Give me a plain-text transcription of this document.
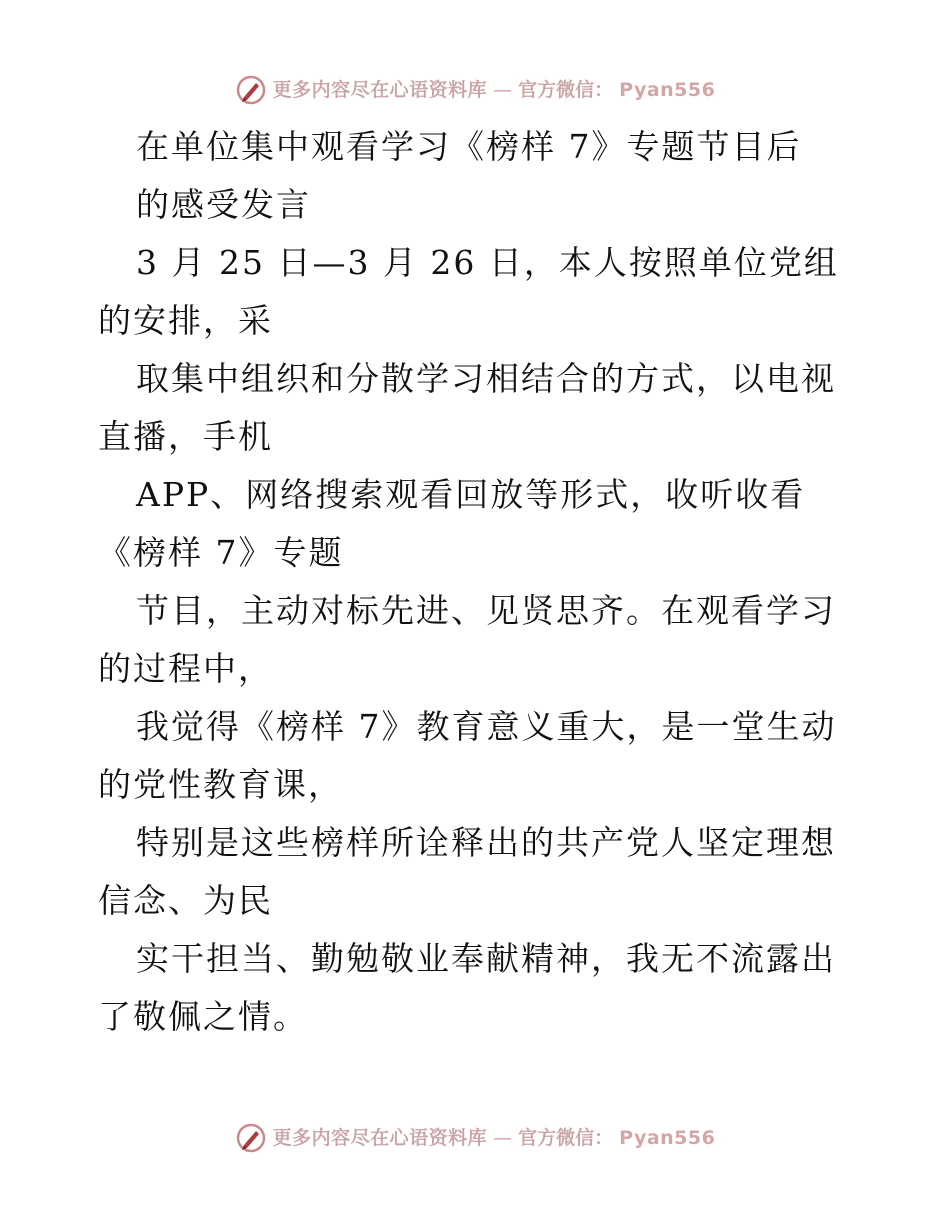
更多内容尽在心语资料库 — 官方微信： Pyan556

在单位集中观看学习《榜样 7》专题节目后

的感受发言

3 月 25 日—3 月 26 日，本人按照单位党组的安排，采

取集中组织和分散学习相结合的方式，以电视直播，手机

APP、网络搜索观看回放等形式，收听收看《榜样 7》专题

节目，主动对标先进、见贤思齐。在观看学习的过程中，

我觉得《榜样 7》教育意义重大，是一堂生动的党性教育课，

特别是这些榜样所诠释出的共产党人坚定理想信念、为民

实干担当、勤勉敬业奉献精神，我无不流露出了敬佩之情。

更多内容尽在心语资料库 — 官方微信： Pyan556
